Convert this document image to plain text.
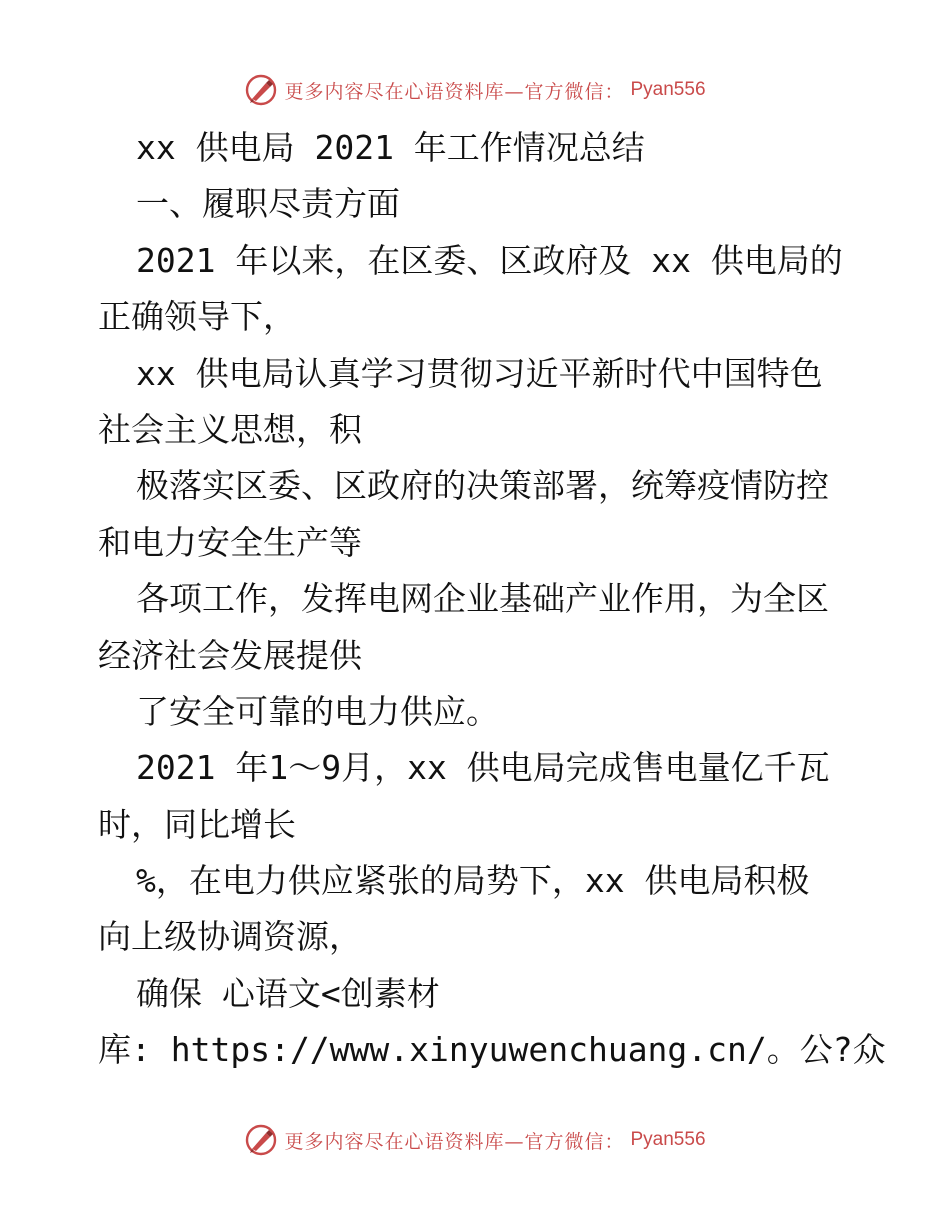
更多内容尽在心语资料库—官方微信： Pyan556
xx 供电局 2021 年工作情况总结
一、履职尽责方面
2021 年以来，在区委、区政府及 xx 供电局的
正确领导下，
xx 供电局认真学习贯彻习近平新时代中国特色
社会主义思想，积
极落实区委、区政府的决策部署，统筹疫情防控
和电力安全生产等
各项工作，发挥电网企业基础产业作用，为全区
经济社会发展提供
了安全可靠的电力供应。
2021 年1～9月，xx 供电局完成售电量亿千瓦
时，同比增长
%，在电力供应紧张的局势下，xx 供电局积极
向上级协调资源，
确保 心语文<创素材
库: https://www.xinyuwenchuang.cn/。公?众
更多内容尽在心语资料库—官方微信： Pyan556
